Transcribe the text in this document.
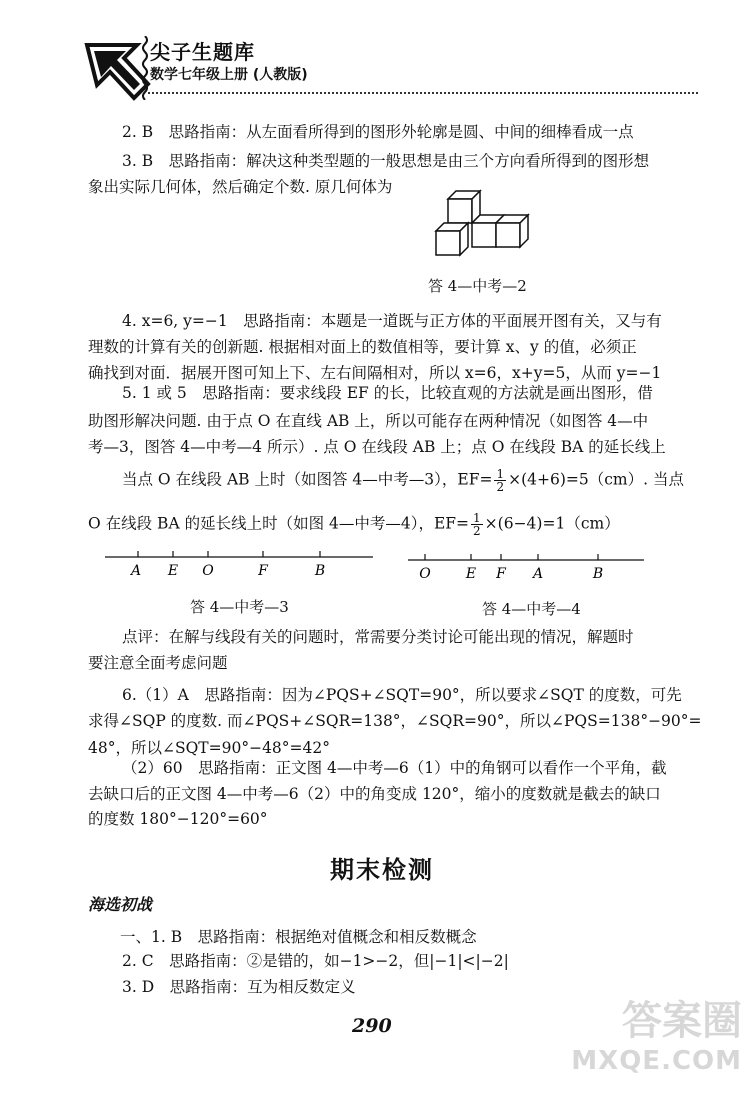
尖子生题库
数学七年级上册 (人教版)
2. B　思路指南：从左面看所得到的图形外轮廓是圆、中间的细棒看成一点
3. B　思路指南：解决这种类型题的一般思想是由三个方向看所得到的图形想
象出实际几何体，然后确定个数. 原几何体为
答 4—中考—2
4. x=6, y=−1　思路指南：本题是一道既与正方体的平面展开图有关，又与有
理数的计算有关的创新题. 根据相对面上的数值相等，要计算 x、y 的值，必须正
确找到对面．据展开图可知上下、左右间隔相对，所以 x=6，x+y=5，从而 y=−1
5. 1 或 5　思路指南：要求线段 EF 的长，比较直观的方法就是画出图形，借
助图形解决问题. 由于点 O 在直线 AB 上，所以可能存在两种情况（如图答 4—中
考—3，图答 4—中考—4 所示）. 点 O 在线段 AB 上；点 O 在线段 BA 的延长线上
当点 O 在线段 AB 上时（如图答 4—中考—3），$EF= \frac{1}{2} \times(4+6)=5(cm)$. 当点
O 在线段 BA 的延长线上时（如图 4—中考—4），$EF= \frac{1}{2} \times(6-4)=1(cm)$
A E O	F	B
答 4—中考—3
O	E F A	B
答 4—中考—4
点评：在解与线段有关的问题时，常需要分类讨论可能出现的情况，解题时
要注意全面考虑问题
6.（1）A　思路指南：因为∠PQS+∠SQT=90°，所以要求∠SQT 的度数，可先
求得∠SQP 的度数. 而∠PQS+∠SQR=138°，∠SQR=90°，所以∠PQS=138°−90°=
48°，所以∠SQT=90°−48°=42°
（2）60　思路指南：正文图 4—中考—6（1）中的角钢可以看作一个平角，截
去缺口后的正文图 4—中考—6（2）中的角变成 120°，缩小的度数就是截去的缺口
的度数 180°−120°=60°
期末检测
海选初战
一、1. B　思路指南：根据绝对值概念和相反数概念
2. C　思路指南：②是错的，如−1>−2，但|−1|<|−2|
3. D　思路指南：互为相反数定义
290	答案圈
MXQE.COM
